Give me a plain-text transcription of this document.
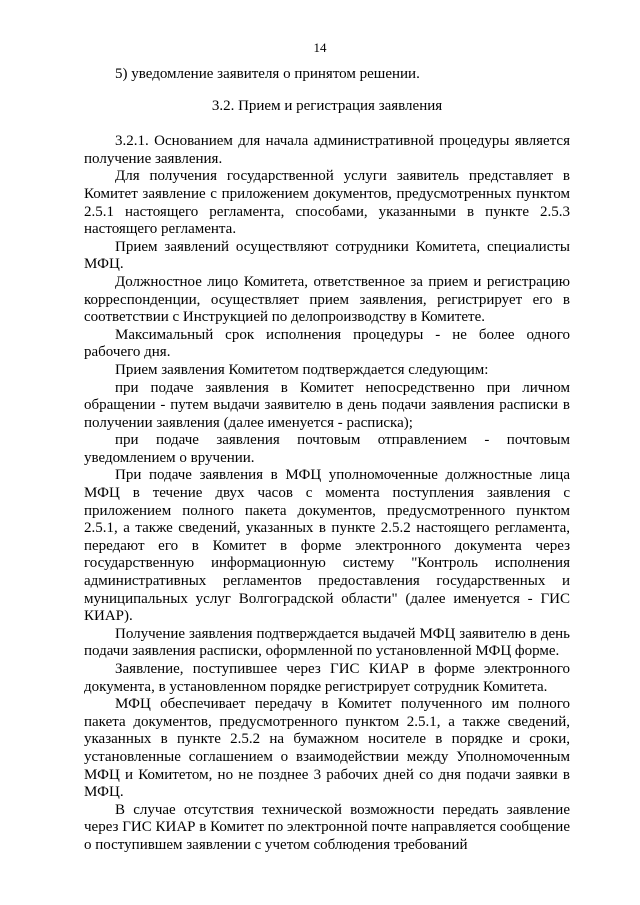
14

5) уведомление заявителя о принятом решении.

3.2. Прием и регистрация заявления

3.2.1. Основанием для начала административной процедуры является получение заявления.

Для получения государственной услуги заявитель представляет в Комитет заявление с приложением документов, предусмотренных пунктом 2.5.1 настоящего регламента, способами, указанными в пункте 2.5.3 настоящего регламента.

Прием заявлений осуществляют сотрудники Комитета, специалисты МФЦ.

Должностное лицо Комитета, ответственное за прием и регистрацию корреспонденции, осуществляет прием заявления, регистрирует его в соответствии с Инструкцией по делопроизводству в Комитете.

Максимальный срок исполнения процедуры - не более одного рабочего дня.

Прием заявления Комитетом подтверждается следующим:

при подаче заявления в Комитет непосредственно при личном обращении - путем выдачи заявителю в день подачи заявления расписки в получении заявления (далее именуется - расписка);

при подаче заявления почтовым отправлением - почтовым уведомлением о вручении.

При подаче заявления в МФЦ уполномоченные должностные лица МФЦ в течение двух часов с момента поступления заявления с приложением полного пакета документов, предусмотренного пунктом 2.5.1, а также сведений, указанных в пункте 2.5.2 настоящего регламента, передают его в Комитет в форме электронного документа через государственную информационную систему "Контроль исполнения административных регламентов предоставления государственных и муниципальных услуг Волгоградской области" (далее именуется - ГИС КИАР).

Получение заявления подтверждается выдачей МФЦ заявителю в день подачи заявления расписки, оформленной по установленной МФЦ форме.

Заявление, поступившее через ГИС КИАР в форме электронного документа, в установленном порядке регистрирует сотрудник Комитета.

МФЦ обеспечивает передачу в Комитет полученного им полного пакета документов, предусмотренного пунктом 2.5.1, а также сведений, указанных в пункте 2.5.2 на бумажном носителе в порядке и сроки, установленные соглашением о взаимодействии между Уполномоченным МФЦ и Комитетом, но не позднее 3 рабочих дней со дня подачи заявки в МФЦ.

В случае отсутствия технической возможности передать заявление через ГИС КИАР в Комитет по электронной почте направляется сообщение о поступившем заявлении с учетом соблюдения требований
